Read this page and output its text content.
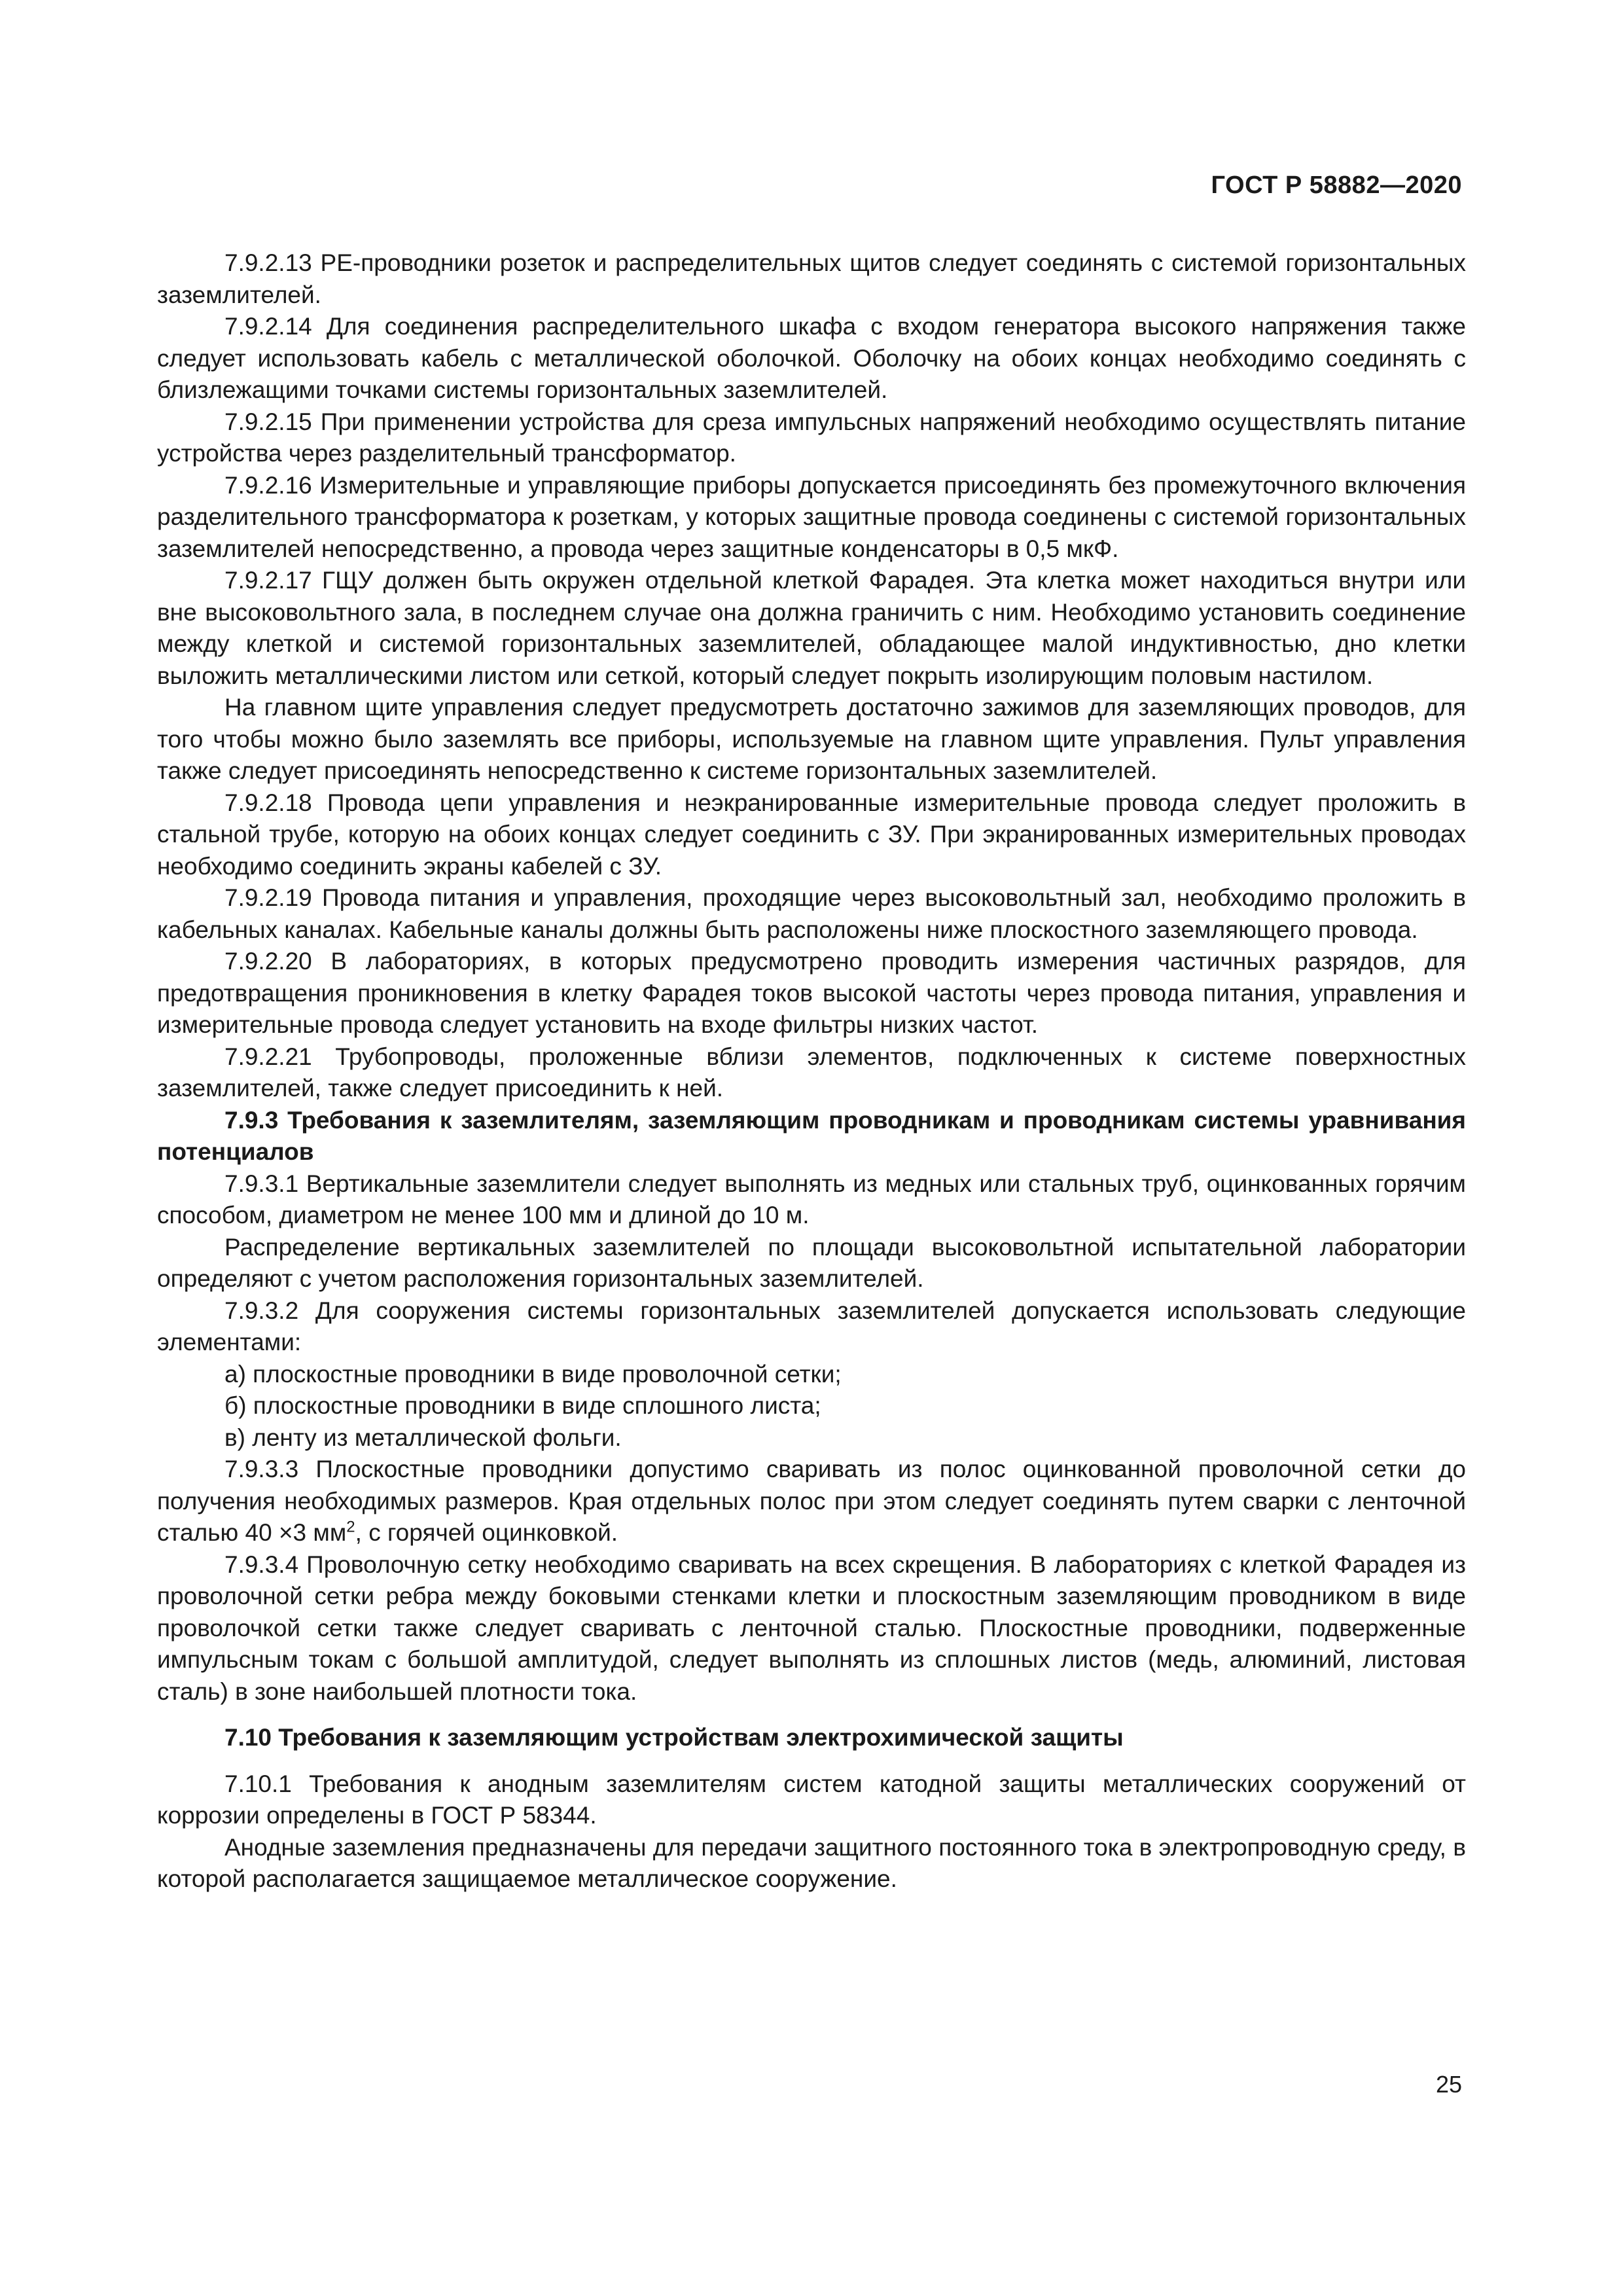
ГОСТ Р 58882—2020

7.9.2.13 РЕ-проводники розеток и распределительных щитов следует соединять с системой горизонтальных заземлителей.

7.9.2.14 Для соединения распределительного шкафа с входом генератора высокого напряжения также следует использовать кабель с металлической оболочкой. Оболочку на обоих концах необходимо соединять с близлежащими точками системы горизонтальных заземлителей.

7.9.2.15 При применении устройства для среза импульсных напряжений необходимо осуществлять питание устройства через разделительный трансформатор.

7.9.2.16 Измерительные и управляющие приборы допускается присоединять без промежуточного включения разделительного трансформатора к розеткам, у которых защитные провода соединены с системой горизонтальных заземлителей непосредственно, а провода через защитные конденсаторы в 0,5 мкФ.

7.9.2.17 ГЩУ должен быть окружен отдельной клеткой Фарадея. Эта клетка может находиться внутри или вне высоковольтного зала, в последнем случае она должна граничить с ним. Необходимо установить соединение между клеткой и системой горизонтальных заземлителей, обладающее малой индуктивностью, дно клетки выложить металлическими листом или сеткой, который следует покрыть изолирующим половым настилом.

На главном щите управления следует предусмотреть достаточно зажимов для заземляющих проводов, для того чтобы можно было заземлять все приборы, используемые на главном щите управления. Пульт управления также следует присоединять непосредственно к системе горизонтальных заземлителей.

7.9.2.18 Провода цепи управления и неэкранированные измерительные провода следует проложить в стальной трубе, которую на обоих концах следует соединить с ЗУ. При экранированных измерительных проводах необходимо соединить экраны кабелей с ЗУ.

7.9.2.19 Провода питания и управления, проходящие через высоковольтный зал, необходимо проложить в кабельных каналах. Кабельные каналы должны быть расположены ниже плоскостного заземляющего провода.

7.9.2.20 В лабораториях, в которых предусмотрено проводить измерения частичных разрядов, для предотвращения проникновения в клетку Фарадея токов высокой частоты через провода питания, управления и измерительные провода следует установить на входе фильтры низких частот.

7.9.2.21 Трубопроводы, проложенные вблизи элементов, подключенных к системе поверхностных заземлителей, также следует присоединить к ней.

7.9.3 Требования к заземлителям, заземляющим проводникам и проводникам системы уравнивания потенциалов

7.9.3.1 Вертикальные заземлители следует выполнять из медных или стальных труб, оцинкованных горячим способом, диаметром не менее 100 мм и длиной до 10 м.

Распределение вертикальных заземлителей по площади высоковольтной испытательной лаборатории определяют с учетом расположения горизонтальных заземлителей.

7.9.3.2 Для сооружения системы горизонтальных заземлителей допускается использовать следующие элементами:

а) плоскостные проводники в виде проволочной сетки;

б) плоскостные проводники в виде сплошного листа;

в) ленту из металлической фольги.

7.9.3.3 Плоскостные проводники допустимо сваривать из полос оцинкованной проволочной сетки до получения необходимых размеров. Края отдельных полос при этом следует соединять путем сварки с ленточной сталью 40 ×3 $мм^2$, с горячей оцинковкой.

7.9.3.4 Проволочную сетку необходимо сваривать на всех скрещения. В лабораториях с клеткой Фарадея из проволочной сетки ребра между боковыми стенками клетки и плоскостным заземляющим проводником в виде проволочкой сетки также следует сваривать с ленточной сталью. Плоскостные проводники, подверженные импульсным токам с большой амплитудой, следует выполнять из сплошных листов (медь, алюминий, листовая сталь) в зоне наибольшей плотности тока.

7.10 Требования к заземляющим устройствам электрохимической защиты

7.10.1 Требования к анодным заземлителям систем катодной защиты металлических сооружений от коррозии определены в ГОСТ Р 58344.

Анодные заземления предназначены для передачи защитного постоянного тока в электропроводную среду, в которой располагается защищаемое металлическое сооружение.

25
